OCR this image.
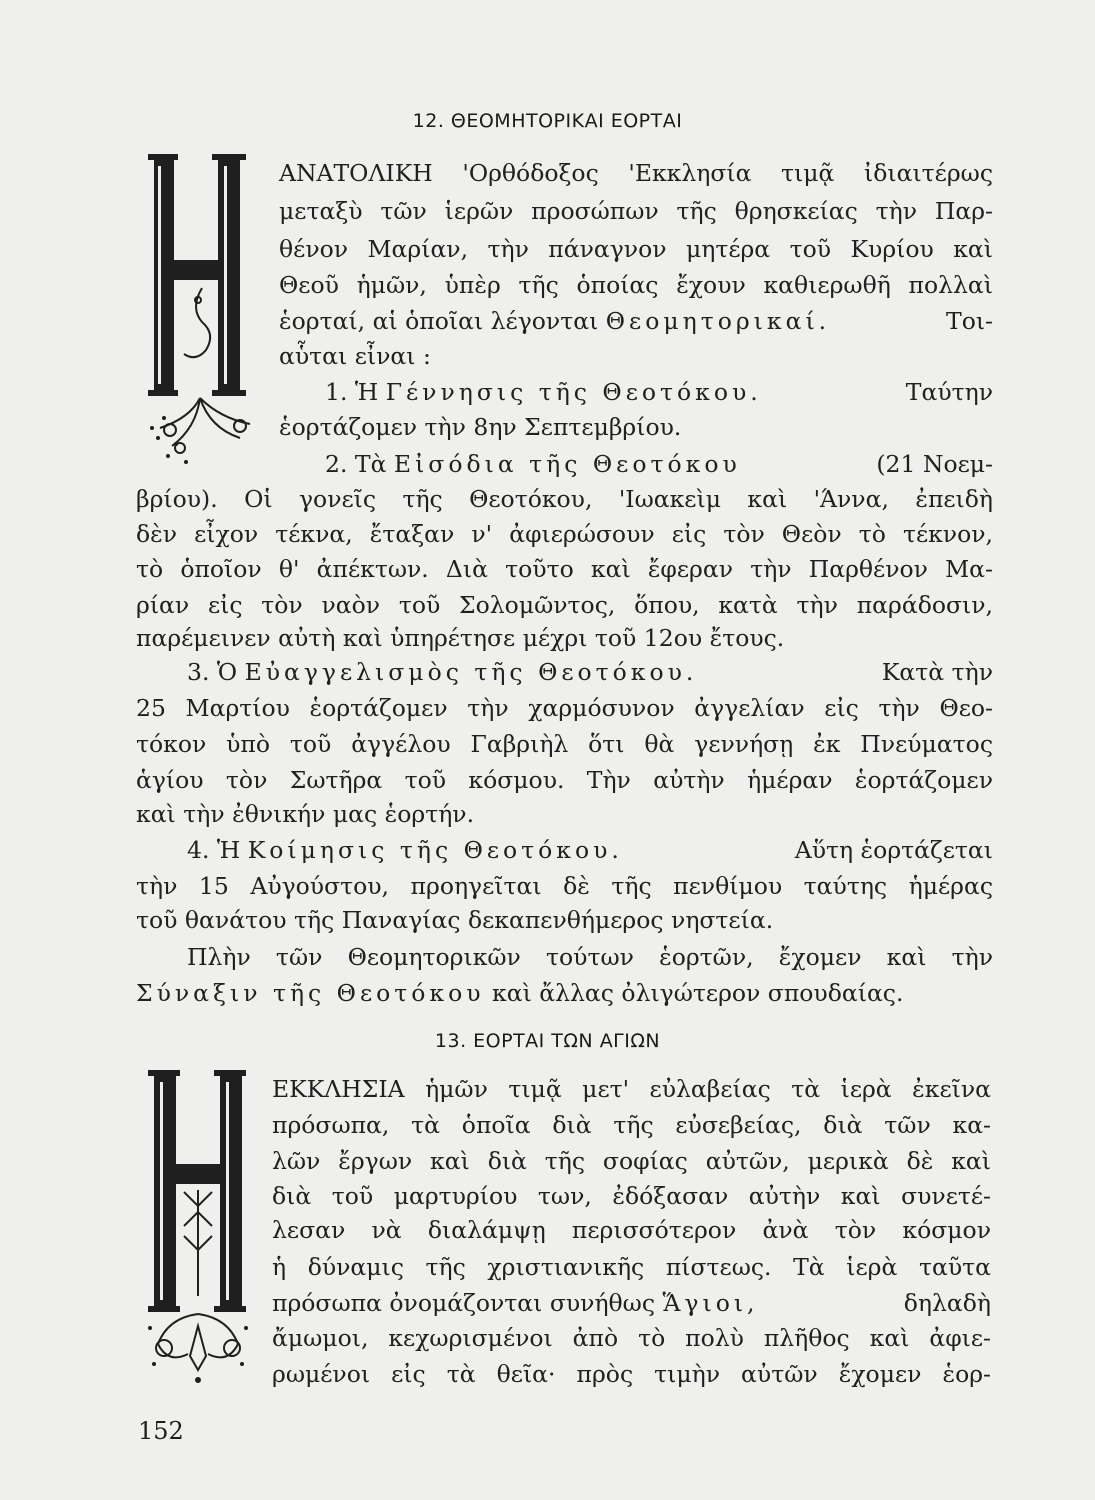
12. ΘΕΟΜΗΤΟΡΙΚΑΙ ΕΟΡΤΑΙ
ΑΝΑΤΟΛΙΚΗ 'Ορθόδοξος 'Εκκλησία τιμᾷ ἰδιαιτέρως
μεταξὺ τῶν ἱερῶν προσώπων τῆς θρησκείας τὴν Παρ-
θένον Μαρίαν, τὴν πάναγνον μητέρα τοῦ Κυρίου καὶ
Θεοῦ ἡμῶν, ὑπὲρ τῆς ὁποίας ἔχουν καθιερωθῆ πολλαὶ
ἑορταί, αἱ ὁποῖαι λέγονται Θεομητορικαί.	Τοι-
αὗται εἶναι :
1. Ἡ Γέννησις τῆς Θεοτόκου.	Ταύτην
ἑορτάζομεν τὴν 8ην Σεπτεμβρίου.
2. Τὰ Εἰσόδια τῆς Θεοτόκου	(21 Νοεμ-
βρίου). Οἱ γονεῖς τῆς Θεοτόκου, 'Ιωακεὶμ καὶ 'Άννα, ἐπειδὴ
δὲν εἶχον τέκνα, ἔταξαν ν' ἀφιερώσουν εἰς τὸν Θεὸν τὸ τέκνον,
τὸ ὁποῖον θ' ἀπέκτων. Διὰ τοῦτο καὶ ἔφεραν τὴν Παρθένον Μα-
ρίαν εἰς τὸν ναὸν τοῦ Σολομῶντος, ὅπου, κατὰ τὴν παράδοσιν,
παρέμεινεν αὐτὴ καὶ ὑπηρέτησε μέχρι τοῦ 12ου ἔτους.
3. Ὁ Εὐαγγελισμὸς τῆς Θεοτόκου.	Κατὰ τὴν
25 Μαρτίου ἑορτάζομεν τὴν χαρμόσυνον ἀγγελίαν εἰς τὴν Θεο-
τόκον ὑπὸ τοῦ ἀγγέλου Γαβριὴλ ὅτι θὰ γεννήσῃ ἐκ Πνεύματος
ἁγίου τὸν Σωτῆρα τοῦ κόσμου. Τὴν αὐτὴν ἡμέραν ἑορτάζομεν
καὶ τὴν ἐθνικήν μας ἑορτήν.
4. Ἡ Κοίμησις τῆς Θεοτόκου.	Αὕτη ἑορτάζεται
τὴν 15 Αὐγούστου, προηγεῖται δὲ τῆς πενθίμου ταύτης ἡμέρας
τοῦ θανάτου τῆς Παναγίας δεκαπενθήμερος νηστεία.
Πλὴν τῶν Θεομητορικῶν τούτων ἑορτῶν, ἔχομεν καὶ τὴν
Σύναξιν τῆς Θεοτόκου καὶ ἄλλας ὀλιγώτερον σπουδαίας.
13. ΕΟΡΤΑΙ ΤΩΝ ΑΓΙΩΝ
ΕΚΚΛΗΣΙΑ ἡμῶν τιμᾷ μετ' εὐλαβείας τὰ ἱερὰ ἐκεῖνα
πρόσωπα, τὰ ὁποῖα διὰ τῆς εὐσεβείας, διὰ τῶν κα-
λῶν ἔργων καὶ διὰ τῆς σοφίας αὐτῶν, μερικὰ δὲ καὶ
διὰ τοῦ μαρτυρίου των, ἐδόξασαν αὐτὴν καὶ συνετέ-
λεσαν νὰ διαλάμψῃ περισσότερον ἀνὰ τὸν κόσμον
ἡ δύναμις τῆς χριστιανικῆς πίστεως. Τὰ ἱερὰ ταῦτα
πρόσωπα ὀνομάζονται συνήθως Ἅγιοι,	δηλαδὴ
ἄμωμοι, κεχωρισμένοι ἀπὸ τὸ πολὺ πλῆθος καὶ ἀφιε-
ρωμένοι εἰς τὰ θεῖα· πρὸς τιμὴν αὐτῶν ἔχομεν ἑορ-
152
